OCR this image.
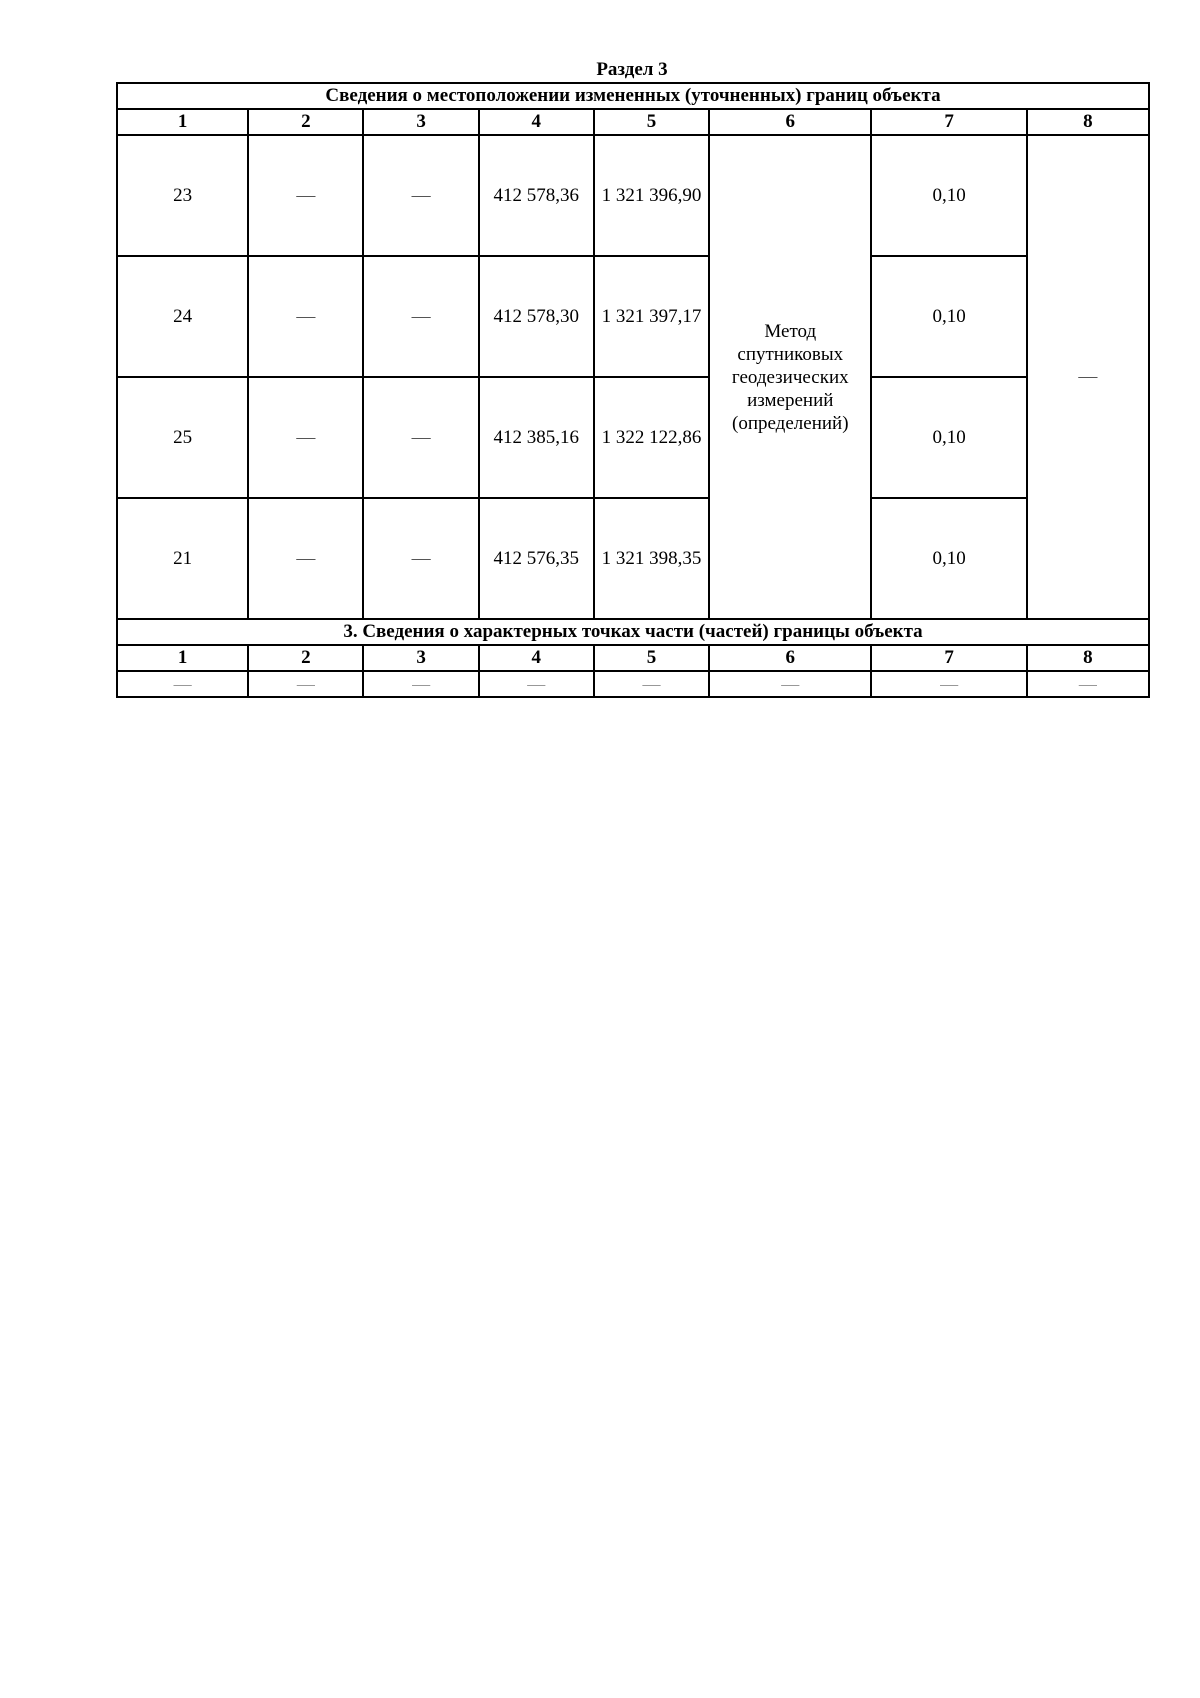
Раздел 3
Сведения о местоположении измененных (уточненных) границ объекта							
1	2	3	4	5	6	7	8
23	—	—	412 578,36	1 321 396,90	Метод спутниковых геодезических измерений (определений)	0,10	—
24	—	—	412 578,30	1 321 397,17		0,10	
25	—	—	412 385,16	1 322 122,86		0,10	
21	—	—	412 576,35	1 321 398,35		0,10	
3. Сведения о характерных точках части (частей) границы объекта							
1	2	3	4	5	6	7	8
—	—	—	—	—	—	—	—
